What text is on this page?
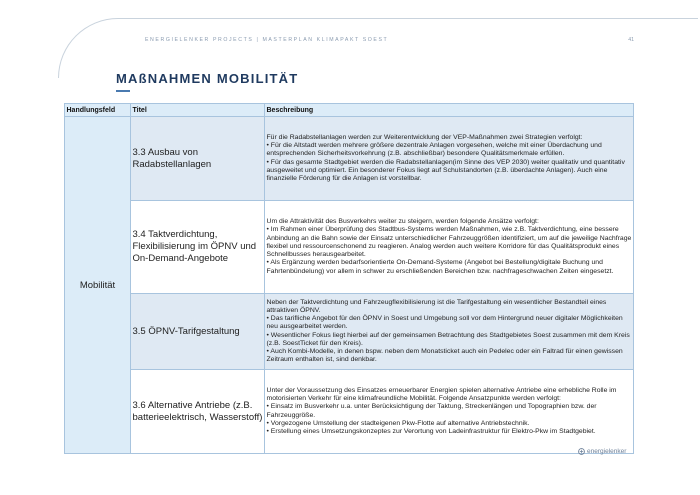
ENERGIELENKER PROJECTS | MASTERPLAN KLIMAPAKT SOEST	41
MAßNAHMEN MOBILITÄT
Handlungsfeld	Titel	Beschreibung
Mobilität	3.3 Ausbau von Radabstellanlagen	Für die Radabstellanlagen werden zur Weiterentwicklung der VEP-Maßnahmen zwei Strategien verfolgt:

• Für die Altstadt werden mehrere größere dezentrale Anlagen vorgesehen, welche mit einer Überdachung und entsprechenden Sicherheitsvorkehrung (z.B. abschließbar) besondere Qualitätsmerkmale erfüllen.

• Für das gesamte Stadtgebiet werden die Radabstellanlagen(im Sinne des VEP 2030) weiter qualitativ und quantitativ ausgeweitet und optimiert. Ein besonderer Fokus liegt auf Schulstandorten (z.B. überdachte Anlagen). Auch eine finanzielle Förderung für die Anlagen ist vorstellbar.

	3.4 Taktverdichtung, Flexibilisierung im ÖPNV und On-Demand-Angebote	Um die Attraktivität des Busverkehrs weiter zu steigern, werden folgende Ansätze verfolgt:

• Im Rahmen einer Überprüfung des Stadtbus-Systems werden Maßnahmen, wie z.B. Taktverdichtung, eine bessere Anbindung an die Bahn sowie der Einsatz unterschiedlicher Fahrzeuggrößen identifiziert, um auf die jeweilige Nachfrage flexibel und ressourcenschonend zu reagieren. Analog werden auch weitere Korridore für das Qualitätsprodukt eines Schnellbusses herausgearbeitet.

• Als Ergänzung werden bedarfsorientierte On-Demand-Systeme (Angebot bei Bestellung/digitale Buchung und Fahrtenbündelung) vor allem in schwer zu erschließenden Bereichen bzw. nachfrageschwachen Zeiten eingesetzt.

	3.5 ÖPNV-Tarifgestaltung	Neben der Taktverdichtung und Fahrzeugflexibilisierung ist die Tarifgestaltung ein wesentlicher Bestandteil eines attraktiven ÖPNV.

• Das tarifliche Angebot für den ÖPNV in Soest und Umgebung soll vor dem Hintergrund neuer digitaler Möglichkeiten neu ausgearbeitet werden.

• Wesentlicher Fokus liegt hierbei auf der gemeinsamen Betrachtung des Stadtgebietes Soest zusammen mit dem Kreis (z.B. SoestTicket für den Kreis).

• Auch Kombi-Modelle, in denen bspw. neben dem Monatsticket auch ein Pedelec oder ein Faltrad für einen gewissen Zeitraum enthalten ist, sind denkbar.

	3.6 Alternative Antriebe (z.B. batterieelektrisch, Wasserstoff)	Unter der Voraussetzung des Einsatzes erneuerbarer Energien spielen alternative Antriebe eine erhebliche Rolle im motorisierten Verkehr für eine klimafreundliche Mobilität. Folgende Ansatzpunkte werden verfolgt:

• Einsatz im Busverkehr u.a. unter Berücksichtigung der Taktung, Streckenlängen und Topographien bzw. der Fahrzeuggröße.

• Vorgezogene Umstellung der stadteigenen Pkw-Flotte auf alternative Antriebstechnik.

• Erstellung eines Umsetzungskonzeptes zur Verortung von Ladeinfrastruktur für Elektro-Pkw im Stadtgebiet.

energielenker
